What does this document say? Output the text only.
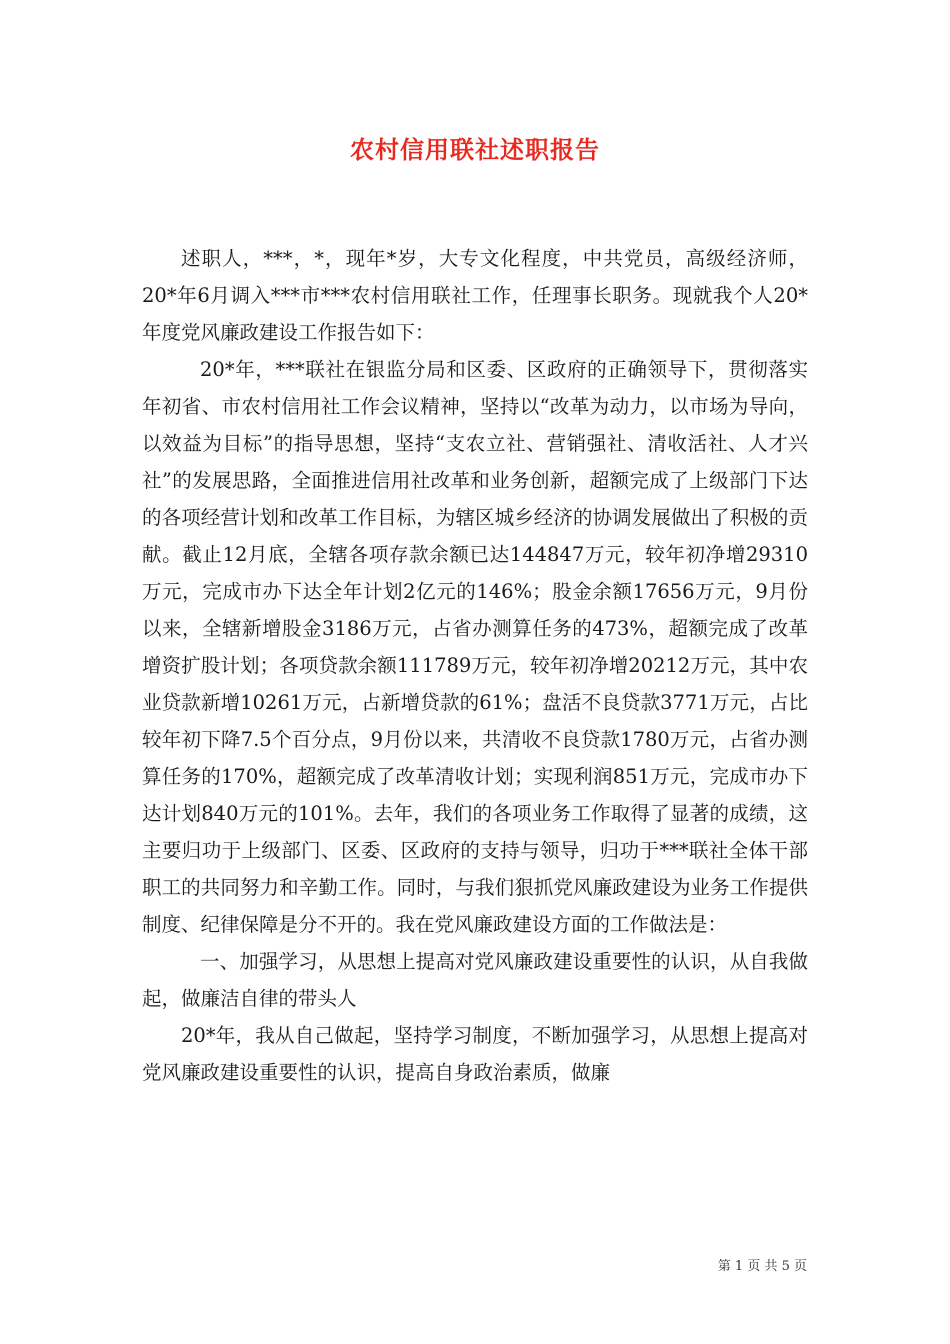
农村信用联社述职报告

述职人，***，*，现年*岁，大专文化程度，中共党员，高级经济师，20*年6月调入***市***农村信用联社工作，任理事长职务。现就我个人20*年度党风廉政建设工作报告如下：

20*年，***联社在银监分局和区委、区政府的正确领导下，贯彻落实年初省、市农村信用社工作会议精神，坚持以“改革为动力，以市场为导向，以效益为目标”的指导思想，坚持“支农立社、营销强社、清收活社、人才兴社”的发展思路，全面推进信用社改革和业务创新，超额完成了上级部门下达的各项经营计划和改革工作目标，为辖区城乡经济的协调发展做出了积极的贡献。截止12月底，全辖各项存款余额已达144847万元，较年初净增29310万元，完成市办下达全年计划2亿元的146%；股金余额17656万元，9月份以来，全辖新增股金3186万元，占省办测算任务的473%，超额完成了改革增资扩股计划；各项贷款余额111789万元，较年初净增20212万元，其中农业贷款新增10261万元，占新增贷款的61%；盘活不良贷款3771万元，占比较年初下降7.5个百分点，9月份以来，共清收不良贷款1780万元，占省办测算任务的170%，超额完成了改革清收计划；实现利润851万元，完成市办下达计划840万元的101%。去年，我们的各项业务工作取得了显著的成绩，这主要归功于上级部门、区委、区政府的支持与领导，归功于***联社全体干部职工的共同努力和辛勤工作。同时，与我们狠抓党风廉政建设为业务工作提供制度、纪律保障是分不开的。我在党风廉政建设方面的工作做法是：

一、加强学习，从思想上提高对党风廉政建设重要性的认识，从自我做起，做廉洁自律的带头人

20*年，我从自己做起，坚持学习制度，不断加强学习，从思想上提高对党风廉政建设重要性的认识，提高自身政治素质，做廉

第 1 页 共 5 页
